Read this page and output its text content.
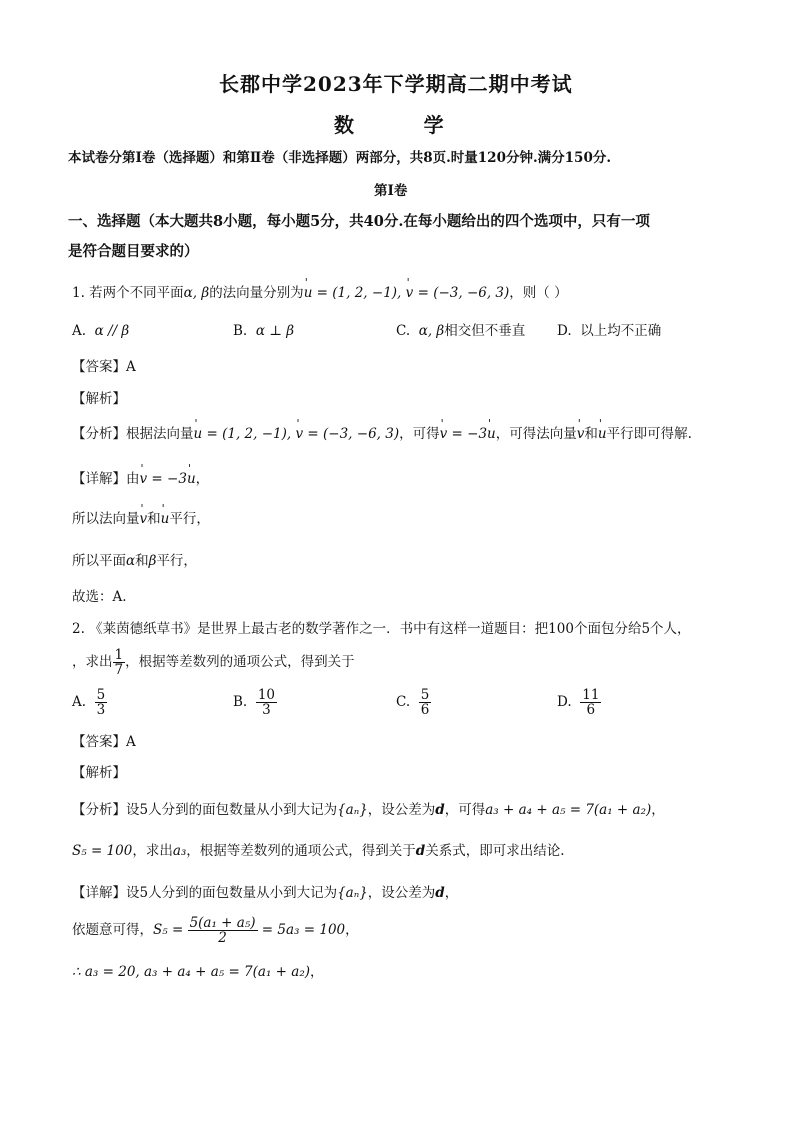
长郡中学2023年下学期高二期中考试
数          学
本试卷分第Ⅰ卷（选择题）和第Ⅱ卷（非选择题）两部分，共8页.时量120分钟.满分150分.
第Ⅰ卷
一、选择题（本大题共8小题，每小题5分，共40分.在每小题给出的四个选项中，只有一项
是符合题目要求的）
1. 若两个不同平面α, β的法向量分别为' u = (1, 2, −1), ' v = (−3, −6, 3)，则（ ）
A. α // β	B. α ⊥ β	C. α, β相交但不垂直 D. 以上均不正确
【答案】A
【解析】
【分析】根据法向量' u = (1, 2, −1), ' v = (−3, −6, 3)，可得' v = −3' u，可得法向量' v和' u平行即可得解.
【详解】由' v = −3' u，
所以法向量' v和' u平行，
所以平面α和β平行，
故选：A.
2. 《莱茵德纸草书》是世界上最古老的数学著作之一．书中有这样一道题目：把100个面包分给5个人，
，求出 $\frac{1}{7}$ ，根据等差数列的通项公式，得到关于
A. $\frac{5}{3}$	B. $\frac{10}{3}$	C. $\frac{5}{6}$	D. $\frac{11}{6}$
【答案】A
【解析】
【分析】设5人分到的面包数量从小到大记为{aₙ}，设公差为d，可得a₃ + a₄ + a₅ = 7(a₁ + a₂)，
S₅ = 100，求出a₃，根据等差数列的通项公式，得到关于d关系式，即可求出结论.
【详解】设5人分到的面包数量从小到大记为{aₙ}，设公差为d，
依题意可得，$S_5 = \frac{\text{5(a₁ + a₅)}}{2} = 5a_3 = 100$，
∴ a₃ = 20, a₃ + a₄ + a₅ = 7(a₁ + a₂)，
